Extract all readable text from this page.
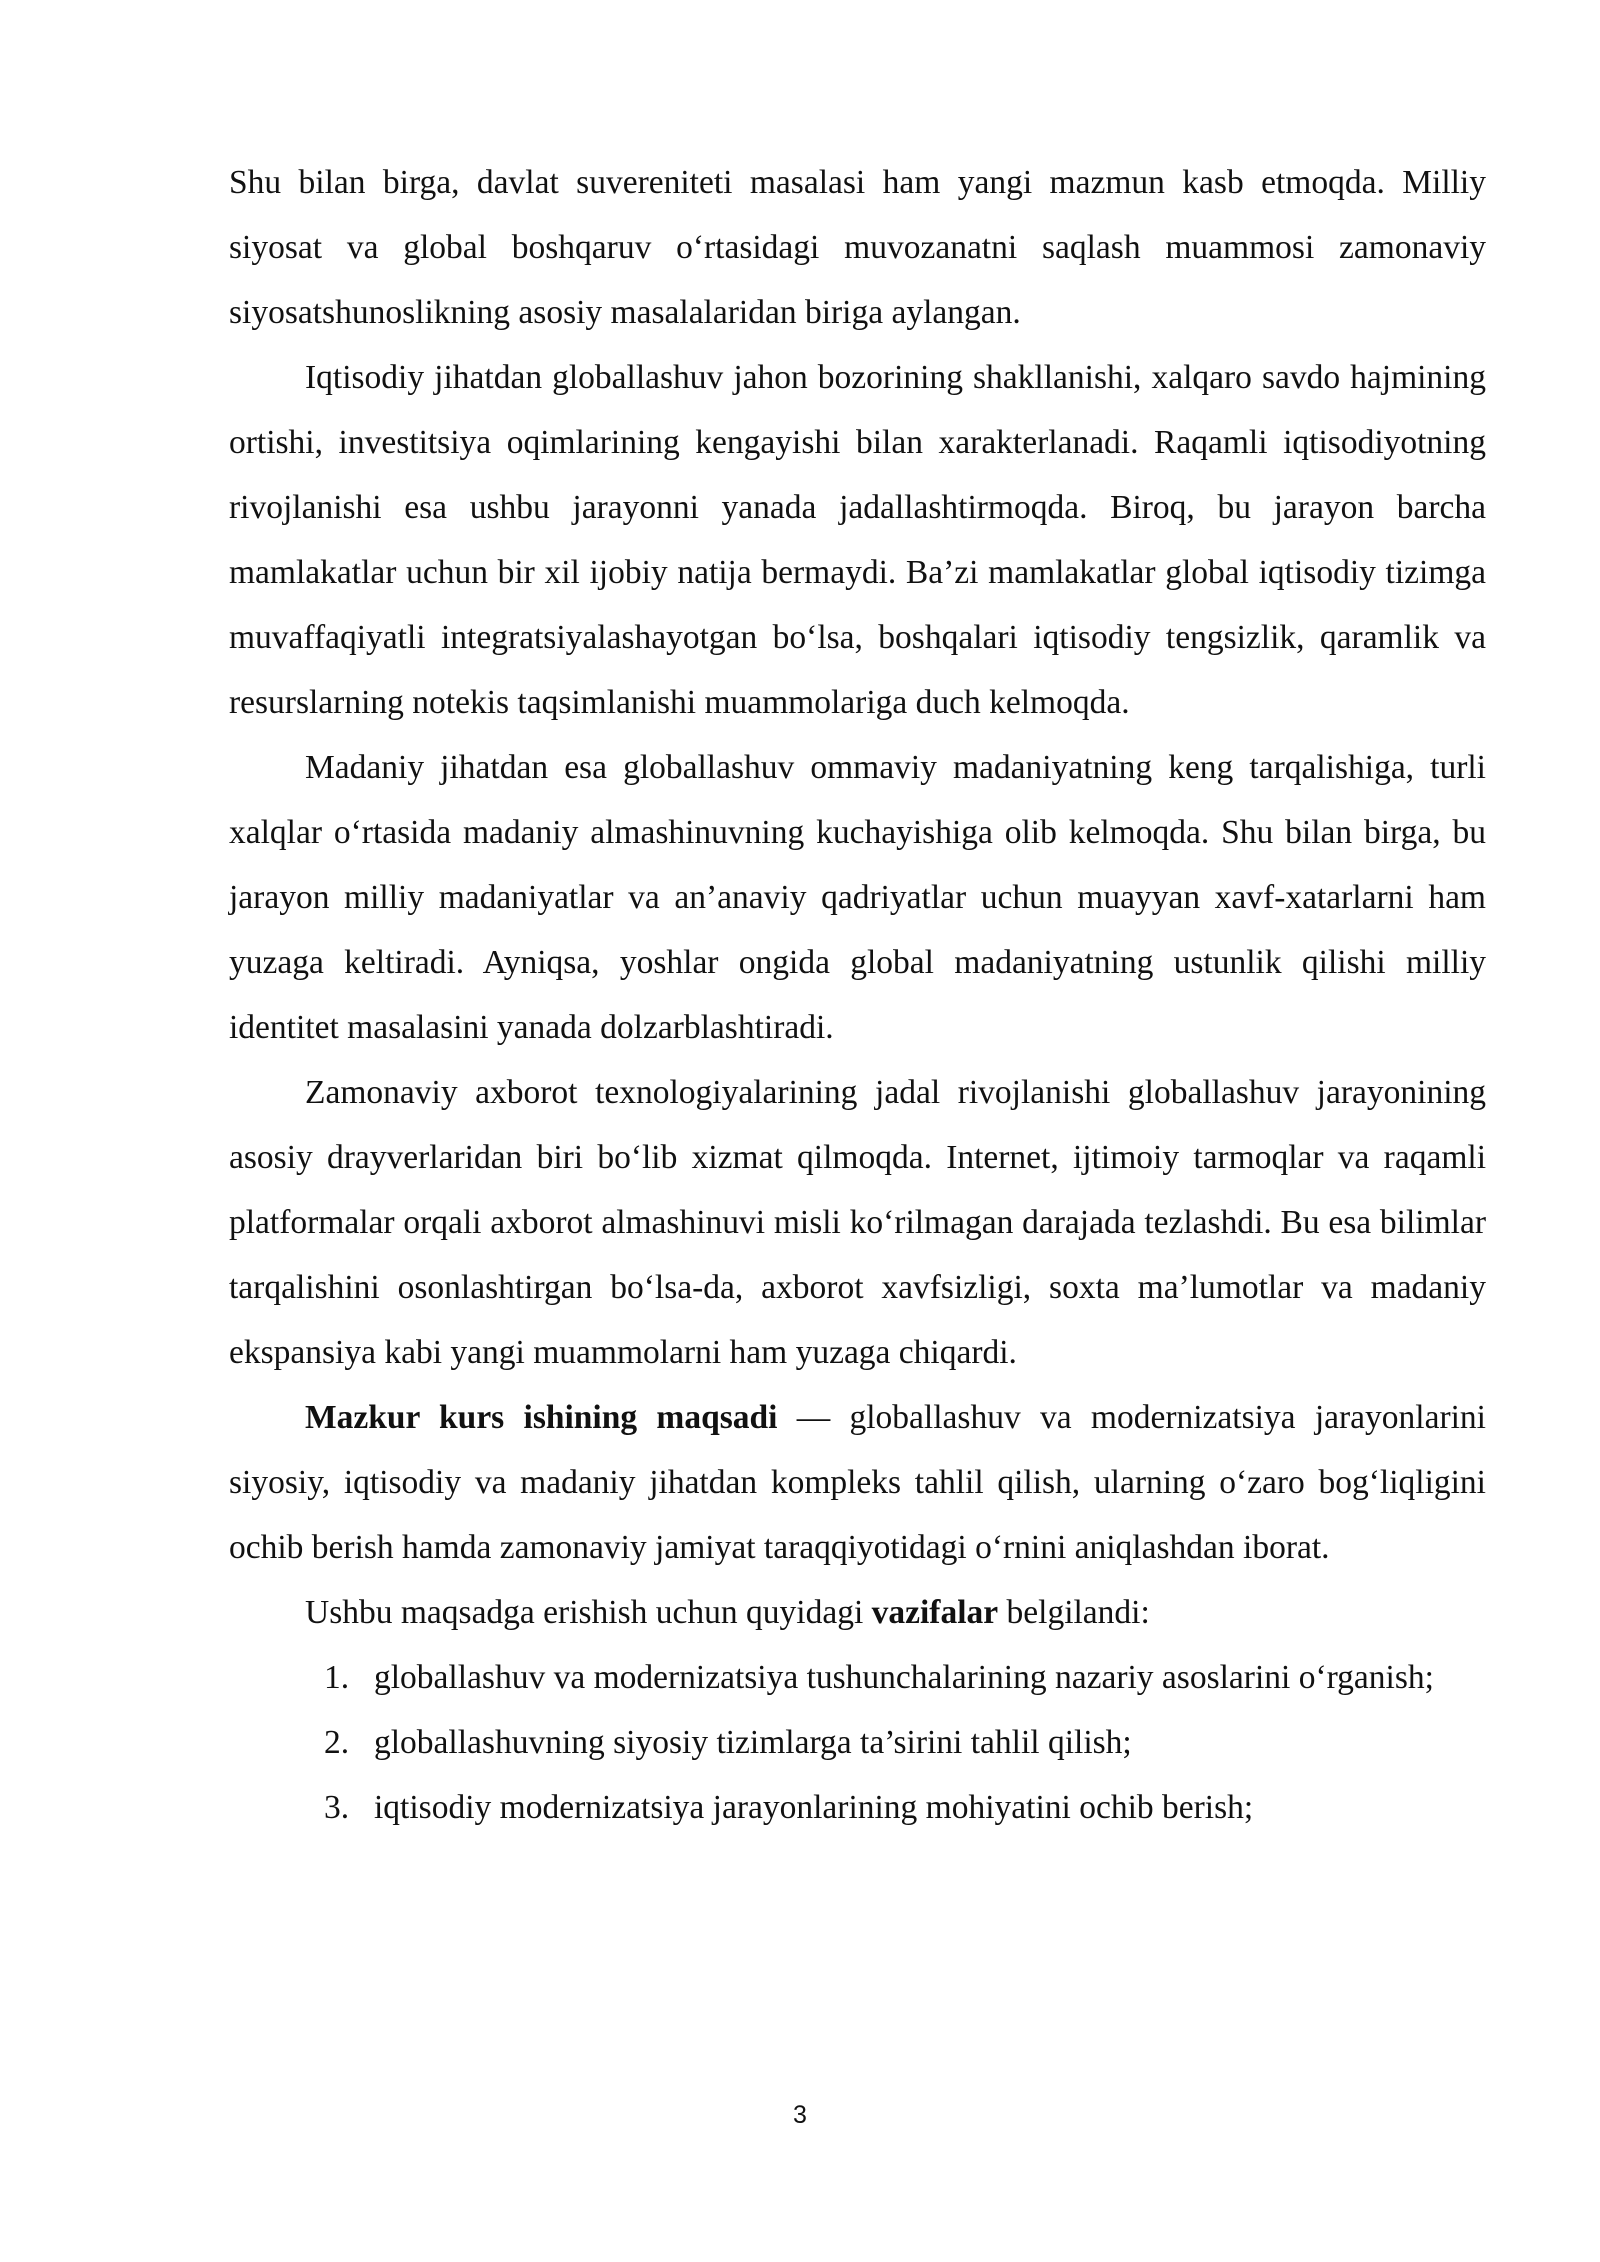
Shu bilan birga, davlat suvereniteti masalasi ham yangi mazmun kasb etmoqda. Milliy siyosat va global boshqaruv o‘rtasidagi muvozanatni saqlash muammosi zamonaviy siyosatshunoslikning asosiy masalalaridan biriga aylangan.

Iqtisodiy jihatdan globallashuv jahon bozorining shakllanishi, xalqaro savdo hajmining ortishi, investitsiya oqimlarining kengayishi bilan xarakterlanadi. Raqamli iqtisodiyotning rivojlanishi esa ushbu jarayonni yanada jadallashtirmoqda. Biroq, bu jarayon barcha mamlakatlar uchun bir xil ijobiy natija bermaydi. Ba’zi mamlakatlar global iqtisodiy tizimga muvaffaqiyatli integratsiyalashayotgan bo‘lsa, boshqalari iqtisodiy tengsizlik, qaramlik va resurslarning notekis taqsimlanishi muammolariga duch kelmoqda.

Madaniy jihatdan esa globallashuv ommaviy madaniyatning keng tarqalishiga, turli xalqlar o‘rtasida madaniy almashinuvning kuchayishiga olib kelmoqda. Shu bilan birga, bu jarayon milliy madaniyatlar va an’anaviy qadriyatlar uchun muayyan xavf-xatarlarni ham yuzaga keltiradi. Ayniqsa, yoshlar ongida global madaniyatning ustunlik qilishi milliy identitet masalasini yanada dolzarblashtiradi.

Zamonaviy axborot texnologiyalarining jadal rivojlanishi globallashuv jarayonining asosiy drayverlaridan biri bo‘lib xizmat qilmoqda. Internet, ijtimoiy tarmoqlar va raqamli platformalar orqali axborot almashinuvi misli ko‘rilmagan darajada tezlashdi. Bu esa bilimlar tarqalishini osonlashtirgan bo‘lsa-da, axborot xavfsizligi, soxta ma’lumotlar va madaniy ekspansiya kabi yangi muammolarni ham yuzaga chiqardi.

Mazkur kurs ishining maqsadi — globallashuv va modernizatsiya jarayonlarini siyosiy, iqtisodiy va madaniy jihatdan kompleks tahlil qilish, ularning o‘zaro bog‘liqligini ochib berish hamda zamonaviy jamiyat taraqqiyotidagi o‘rnini aniqlashdan iborat.

Ushbu maqsadga erishish uchun quyidagi vazifalar belgilandi:

1. globallashuv va modernizatsiya tushunchalarining nazariy asoslarini o‘rganish;
2. globallashuvning siyosiy tizimlarga ta’sirini tahlil qilish;
3. iqtisodiy modernizatsiya jarayonlarining mohiyatini ochib berish;
3
